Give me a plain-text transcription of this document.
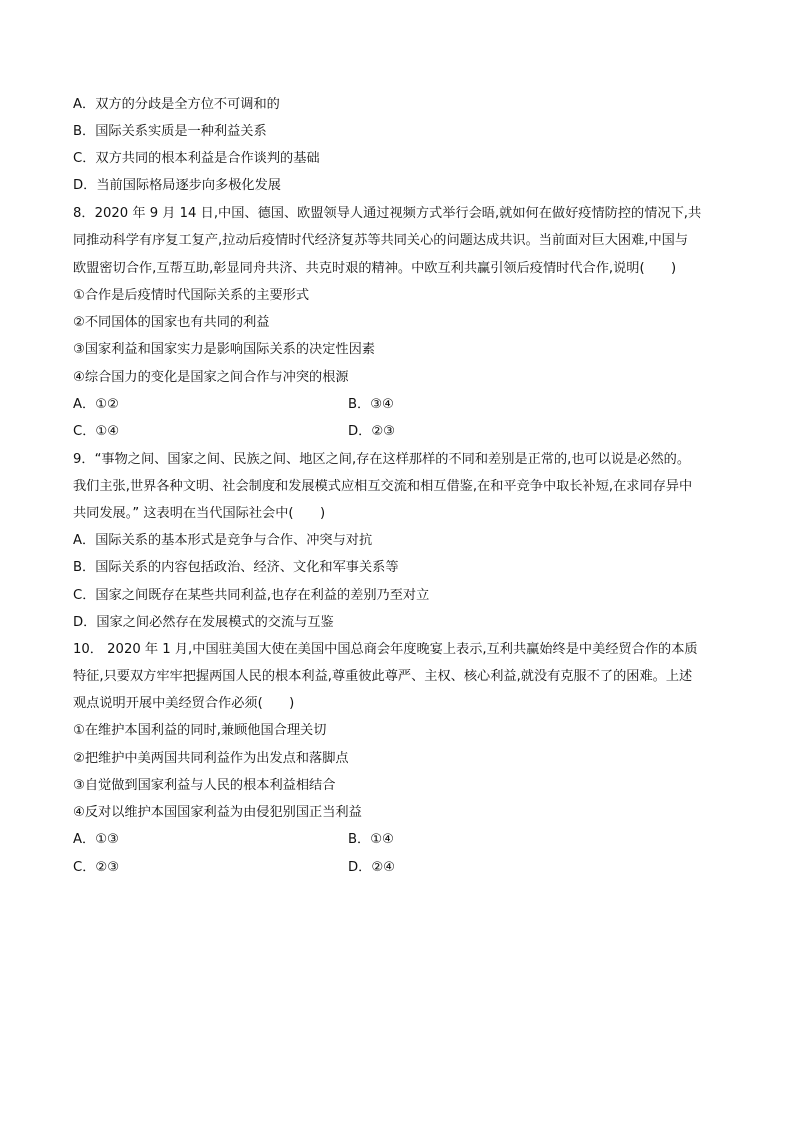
A．双方的分歧是全方位不可调和的
B．国际关系实质是一种利益关系
C．双方共同的根本利益是合作谈判的基础
D．当前国际格局逐步向多极化发展
8．2020 年 9 月 14 日,中国、德国、欧盟领导人通过视频方式举行会晤,就如何在做好疫情防控的情况下,共
同推动科学有序复工复产,拉动后疫情时代经济复苏等共同关心的问题达成共识。当前面对巨大困难,中国与
欧盟密切合作,互帮互助,彰显同舟共济、共克时艰的精神。中欧互利共赢引领后疫情时代合作,说明(　　)
①合作是后疫情时代国际关系的主要形式
②不同国体的国家也有共同的利益
③国家利益和国家实力是影响国际关系的决定性因素
④综合国力的变化是国家之间合作与冲突的根源
A．①②	B．③④
C．①④	D．②③
9．“事物之间、国家之间、民族之间、地区之间,存在这样那样的不同和差别是正常的,也可以说是必然的。
我们主张,世界各种文明、社会制度和发展模式应相互交流和相互借鉴,在和平竞争中取长补短,在求同存异中
共同发展。” 这表明在当代国际社会中(　　)
A．国际关系的基本形式是竞争与合作、冲突与对抗
B．国际关系的内容包括政治、经济、文化和军事关系等
C．国家之间既存在某些共同利益,也存在利益的差别乃至对立
D．国家之间必然存在发展模式的交流与互鉴
10． 2020 年 1 月,中国驻美国大使在美国中国总商会年度晚宴上表示,互利共赢始终是中美经贸合作的本质
特征,只要双方牢牢把握两国人民的根本利益,尊重彼此尊严、主权、核心利益,就没有克服不了的困难。上述
观点说明开展中美经贸合作必须(　　)
①在维护本国利益的同时,兼顾他国合理关切
②把维护中美两国共同利益作为出发点和落脚点
③自觉做到国家利益与人民的根本利益相结合
④反对以维护本国国家利益为由侵犯别国正当利益
A．①③	B．①④
C．②③	D．②④
